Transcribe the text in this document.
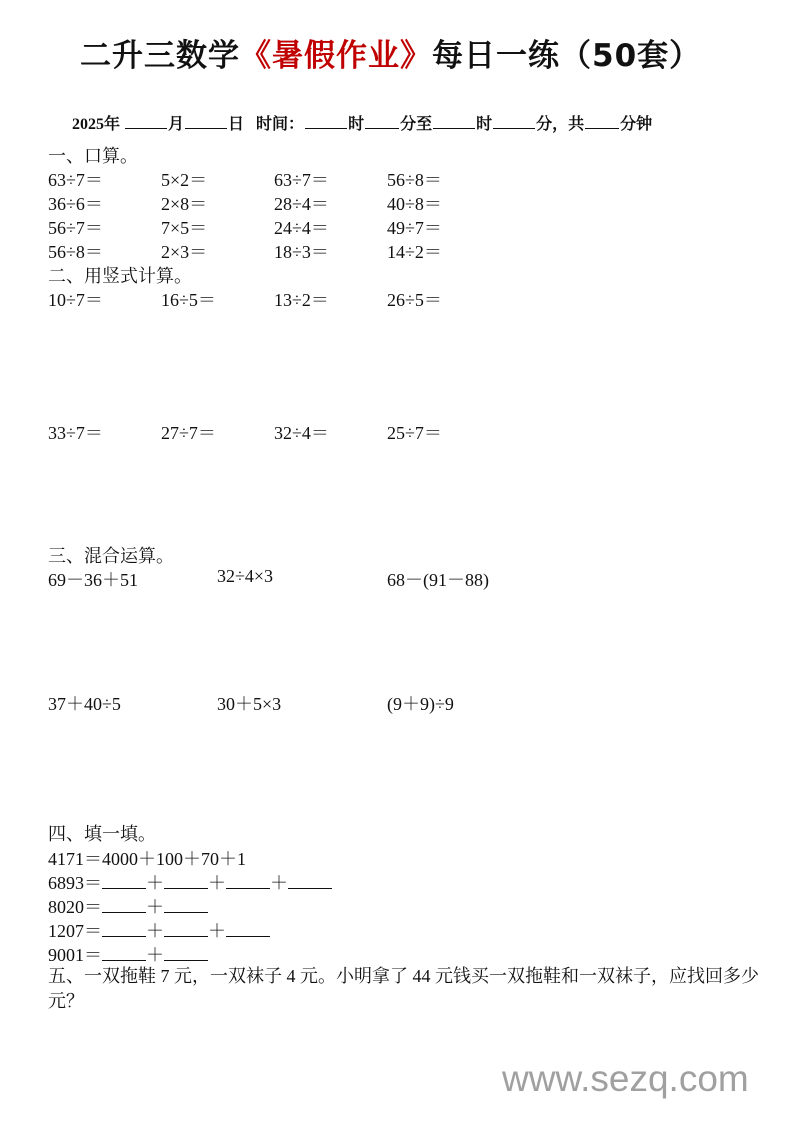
二升三数学《暑假作业》每日一练（50套）
2025年	月	日 时间：	时 分至	时	分，共 分钟
一、口算。
63÷7＝	5×2＝	63÷7＝	56÷8＝
36÷6＝	2×8＝	28÷4＝	40÷8＝
56÷7＝	7×5＝	24÷4＝	49÷7＝
56÷8＝	2×3＝	18÷3＝	14÷2＝
二、用竖式计算。
10÷7＝	16÷5＝	13÷2＝	26÷5＝
33÷7＝	27÷7＝	32÷4＝	25÷7＝
三、混合运算。
69－36＋51	32÷4×3	68－(91－88)
37＋40÷5	30＋5×3	(9＋9)÷9
四、填一填。
4171＝4000＋100＋70＋1
6893＝ ＋ ＋ ＋
8020＝ ＋
1207＝ ＋ ＋
9001＝ ＋
五、一双拖鞋 7 元，一双袜子 4 元。小明拿了 44 元钱买一双拖鞋和一双袜子，应找回多少元？
www.sezq.com
